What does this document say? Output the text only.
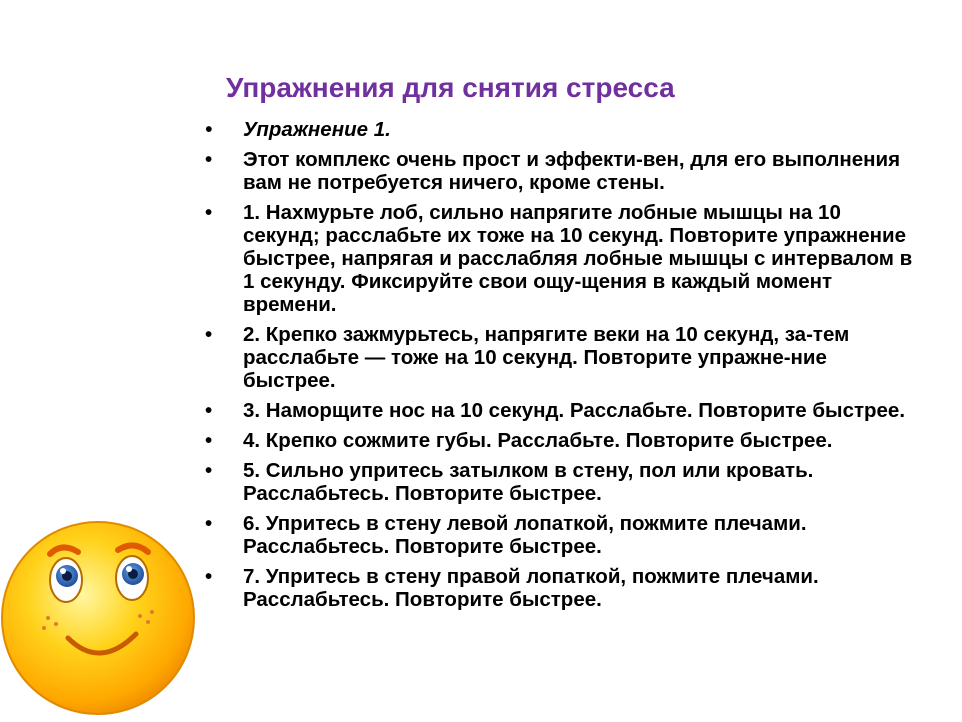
Упражнения для снятия стресса
• Упражнение 1.
• Этот комплекс очень прост и эффекти-вен, для его выполнения вам не потребуется ничего, кроме стены.
• 1. Нахмурьте лоб, сильно напрягите лобные мышцы на 10 секунд; расслабьте их тоже на 10 секунд. Повторите упражнение быстрее, напрягая и расслабляя лобные мышцы с интервалом в 1 секунду. Фиксируйте свои ощу-щения в каждый момент времени.
• 2. Крепко зажмурьтесь, напрягите веки на 10 секунд, за-тем расслабьте — тоже на 10 секунд. Повторите упражне-ние быстрее.
• 3. Наморщите нос на 10 секунд. Расслабьте. Повторите быстрее.
• 4. Крепко сожмите губы. Расслабьте. Повторите быстрее.
• 5. Сильно упритесь затылком в стену, пол или кровать. Расслабьтесь. Повторите быстрее.
• 6. Упритесь в стену левой лопаткой, пожмите плечами. Расслабьтесь. Повторите быстрее.
• 7. Упритесь в стену правой лопаткой, пожмите плечами. Расслабьтесь. Повторите быстрее.
